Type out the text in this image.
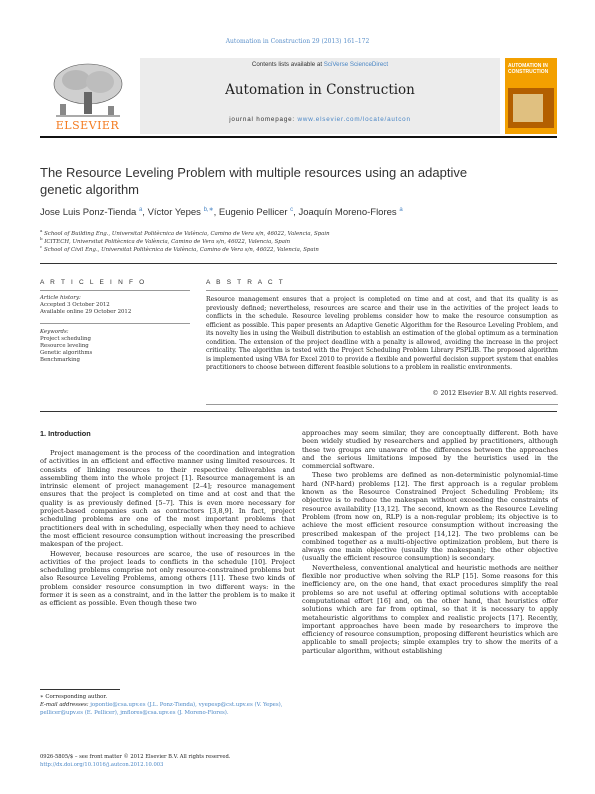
Automation in Construction 29 (2013) 161–172
ELSEVIER
Contents lists available at SciVerse ScienceDirect
Automation in Construction
journal homepage: www.elsevier.com/locate/autcon
AUTOMATION IN CONSTRUCTION
The Resource Leveling Problem with multiple resources using an adaptive
genetic algorithm
Jose Luis Ponz-Tienda $^a$, Víctor Yepes $^{b,∗}$, Eugenio Pellicer $^c$, Joaquín Moreno-Flores $^a$
$^a$ School of Building Eng., Universitat Politècnica de València, Camino de Vera s/n, 46022, Valencia, Spain
$^b$ ICITECH, Universitat Politècnica de València, Camino de Vera s/n, 46022, Valencia, Spain
$^c$ School of Civil Eng., Universitat Politècnica de València, Camino de Vera s/n, 46022, Valencia, Spain
A R T I C L E I N F O	A B S T R A C T
Article history:
Accepted 3 October 2012
Available online 29 October 2012
Keywords:
Project scheduling
Resource leveling
Genetic algorithms
Benchmarking
Resource management ensures that a project is completed on time and at cost, and that its quality is as previously defined; nevertheless, resources are scarce and their use in the activities of the project leads to conflicts in the schedule. Resource leveling problems consider how to make the resource consumption as efficient as possible. This paper presents an Adaptive Genetic Algorithm for the Resource Leveling Problem, and its novelty lies in using the Weibull distribution to establish an estimation of the global optimum as a termination condition. The extension of the project deadline with a penalty is allowed, avoiding the increase in the project criticality. The algorithm is tested with the Project Scheduling Problem Library PSPLIB. The proposed algorithm is implemented using VBA for Excel 2010 to provide a flexible and powerful decision support system that enables practitioners to choose between different feasible solutions to a problem in realistic environments.
© 2012 Elsevier B.V. All rights reserved.
1. Introduction

Project management is the process of the coordination and integration of activities in an efficient and effective manner using limited resources. It consists of linking resources to their respective deliverables and assembling them into the whole project [1]. Resource management is an intrinsic element of project management [2–4]; resource management ensures that the project is completed on time and at cost and that the quality is as previously defined [5–7]. This is even more necessary for project-based companies such as contractors [3,8,9]. In fact, project scheduling problems are one of the most important problems that practitioners deal with in scheduling, especially when they need to achieve the most efficient resource consumption without increasing the prescribed makespan of the project.

However, because resources are scarce, the use of resources in the activities of the project leads to conflicts in the schedule [10]. Project scheduling problems comprise not only resource-constrained problems but also Resource Leveling Problems, among others [11]. These two kinds of problem consider resource consumption in two different ways: in the former it is seen as a constraint, and in the latter the problem is to make it as efficient as possible. Even though these two

approaches may seem similar, they are conceptually different. Both have been widely studied by researchers and applied by practitioners, although these two groups are unaware of the differences between the approaches and the serious limitations imposed by the heuristics used in the commercial software.

These two problems are defined as non-deterministic polynomial-time hard (NP-hard) problems [12]. The first approach is a regular problem known as the Resource Constrained Project Scheduling Problem; its objective is to reduce the makespan without exceeding the constraints of resource availability [13,12]. The second, known as the Resource Leveling Problem (from now on, RLP) is a non-regular problem; its objective is to achieve the most efficient resource consumption without increasing the prescribed makespan of the project [14,12]. The two problems can be combined together as a multi-objective optimization problem, but there is always one main objective (usually the makespan); the other objective (usually the efficient resource consumption) is secondary.

Nevertheless, conventional analytical and heuristic methods are neither flexible nor productive when solving the RLP [15]. Some reasons for this inefficiency are, on the one hand, that exact procedures simplify the real problems so are not useful at offering optimal solutions with acceptable computational effort [16] and, on the other hand, that heuristics offer solutions which are far from optimal, so that it is necessary to apply metaheuristic algorithms to complex and realistic projects [17]. Recently, important approaches have been made by researchers to improve the efficiency of resource consumption, proposing different heuristics which are applicable to small projects; simple examples try to show the merits of a particular algorithm, without establishing

∗ Corresponding author.
E-mail addresses: jopontie@csa.upv.es (J.L. Ponz-Tienda), vyepesp@cst.upv.es (V. Yepes), pellicer@upv.es (E. Pellicer), jmflores@csa.upv.es (J. Moreno-Flores).
0926-5805/$ – see front matter © 2012 Elsevier B.V. All rights reserved.
http://dx.doi.org/10.1016/j.autcon.2012.10.003
